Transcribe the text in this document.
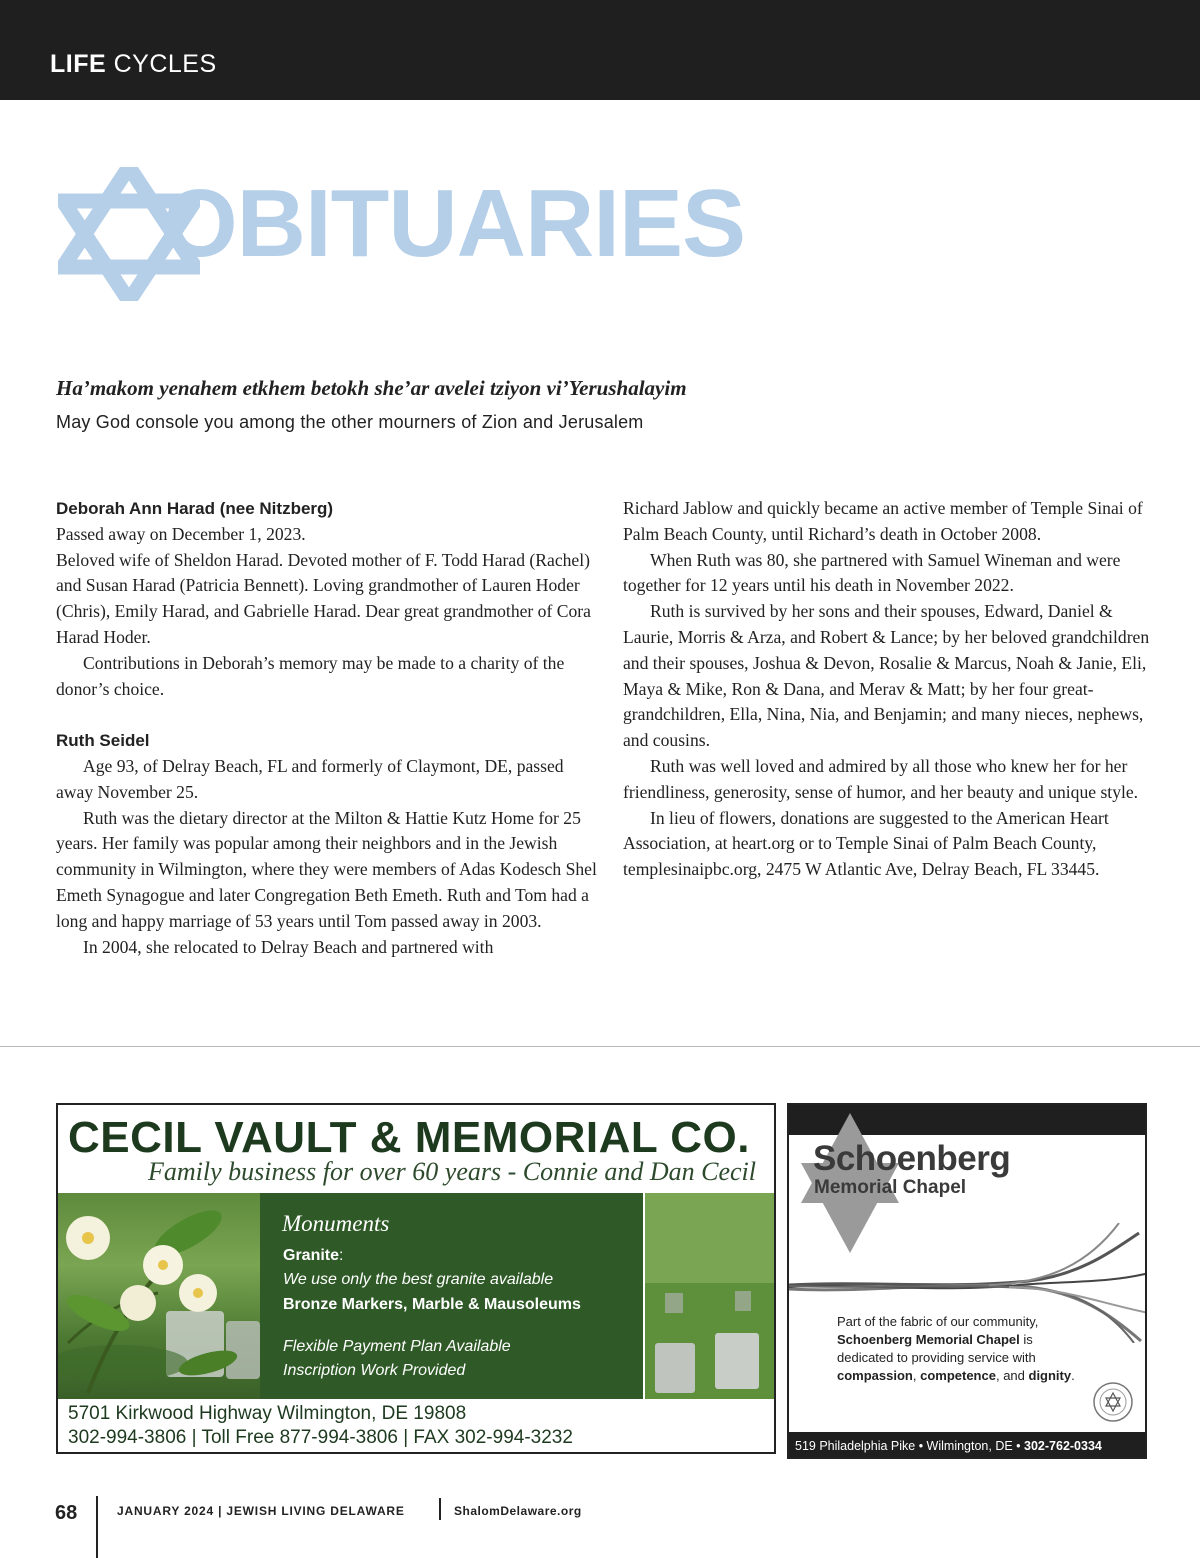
LIFE CYCLES
OBITUARIES
Ha’makom yenahem etkhem betokh she’ar avelei tziyon vi’Yerushalayim
May God console you among the other mourners of Zion and Jerusalem

Deborah Ann Harad (nee Nitzberg)

Passed away on December 1, 2023.

Beloved wife of Sheldon Harad. Devoted mother of F. Todd Harad (Rachel) and Susan Harad (Patricia Bennett). Loving grandmother of Lauren Hoder (Chris), Emily Harad, and Gabrielle Harad. Dear great grandmother of Cora Harad Hoder.

Contributions in Deborah’s memory may be made to a charity of the donor’s choice.

Ruth Seidel

Age 93, of Delray Beach, FL and formerly of Claymont, DE, passed away November 25.

Ruth was the dietary director at the Milton & Hattie Kutz Home for 25 years. Her family was popular among their neighbors and in the Jewish community in Wilmington, where they were members of Adas Kodesch Shel Emeth Synagogue and later Congregation Beth Emeth. Ruth and Tom had a long and happy marriage of 53 years until Tom passed away in 2003.

In 2004, she relocated to Delray Beach and partnered with

Richard Jablow and quickly became an active member of Temple Sinai of Palm Beach County, until Richard’s death in October 2008.

When Ruth was 80, she partnered with Samuel Wineman and were together for 12 years until his death in November 2022.

Ruth is survived by her sons and their spouses, Edward, Daniel & Laurie, Morris & Arza, and Robert & Lance; by her beloved grandchildren and their spouses, Joshua & Devon, Rosalie & Marcus, Noah & Janie, Eli, Maya & Mike, Ron & Dana, and Merav & Matt; by her four great-grandchildren, Ella, Nina, Nia, and Benjamin; and many nieces, nephews, and cousins.

Ruth was well loved and admired by all those who knew her for her friendliness, generosity, sense of humor, and her beauty and unique style.

In lieu of flowers, donations are suggested to the American Heart Association, at heart.org or to Temple Sinai of Palm Beach County, templesinaipbc.org, 2475 W Atlantic Ave, Delray Beach, FL 33445.

CECIL VAULT & MEMORIAL CO.
Family business for over 60 years - Connie and Dan Cecil
Monuments
Granite:
We use only the best granite available
Bronze Markers, Marble & Mausoleums
Flexible Payment Plan Available
Inscription Work Provided
5701 Kirkwood Highway Wilmington, DE 19808
302-994-3806 | Toll Free 877-994-3806 | FAX 302-994-3232
Schoenberg
Memorial Chapel
Part of the fabric of our community, Schoenberg Memorial Chapel is dedicated to providing service with compassion, competence, and dignity.
519 Philadelphia Pike • Wilmington, DE • 302-762-0334
68	JANUARY 2024 | JEWISH LIVING DELAWARE	ShalomDelaware.org
